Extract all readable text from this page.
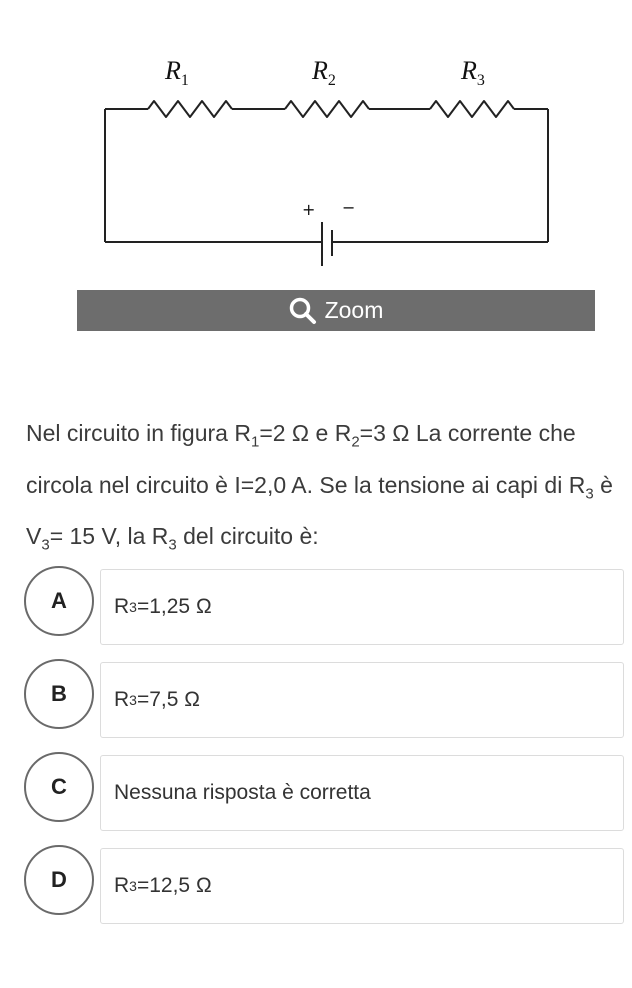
$R_1$	$R_2$	$R_3$
+ −
Zoom
Nel circuito in figura $R_1=2$ Ω e $R_2=3$ Ω La corrente che circola nel circuito è I=2,0 A. Se la tensione ai capi di $R_3$ è $V_3= 15$ V, la $R_3$ del circuito è:
A	R 3 =1,25 Ω
B	R 3 =7,5 Ω
C	Nessuna risposta è corretta
D	R 3 =12,5 Ω
